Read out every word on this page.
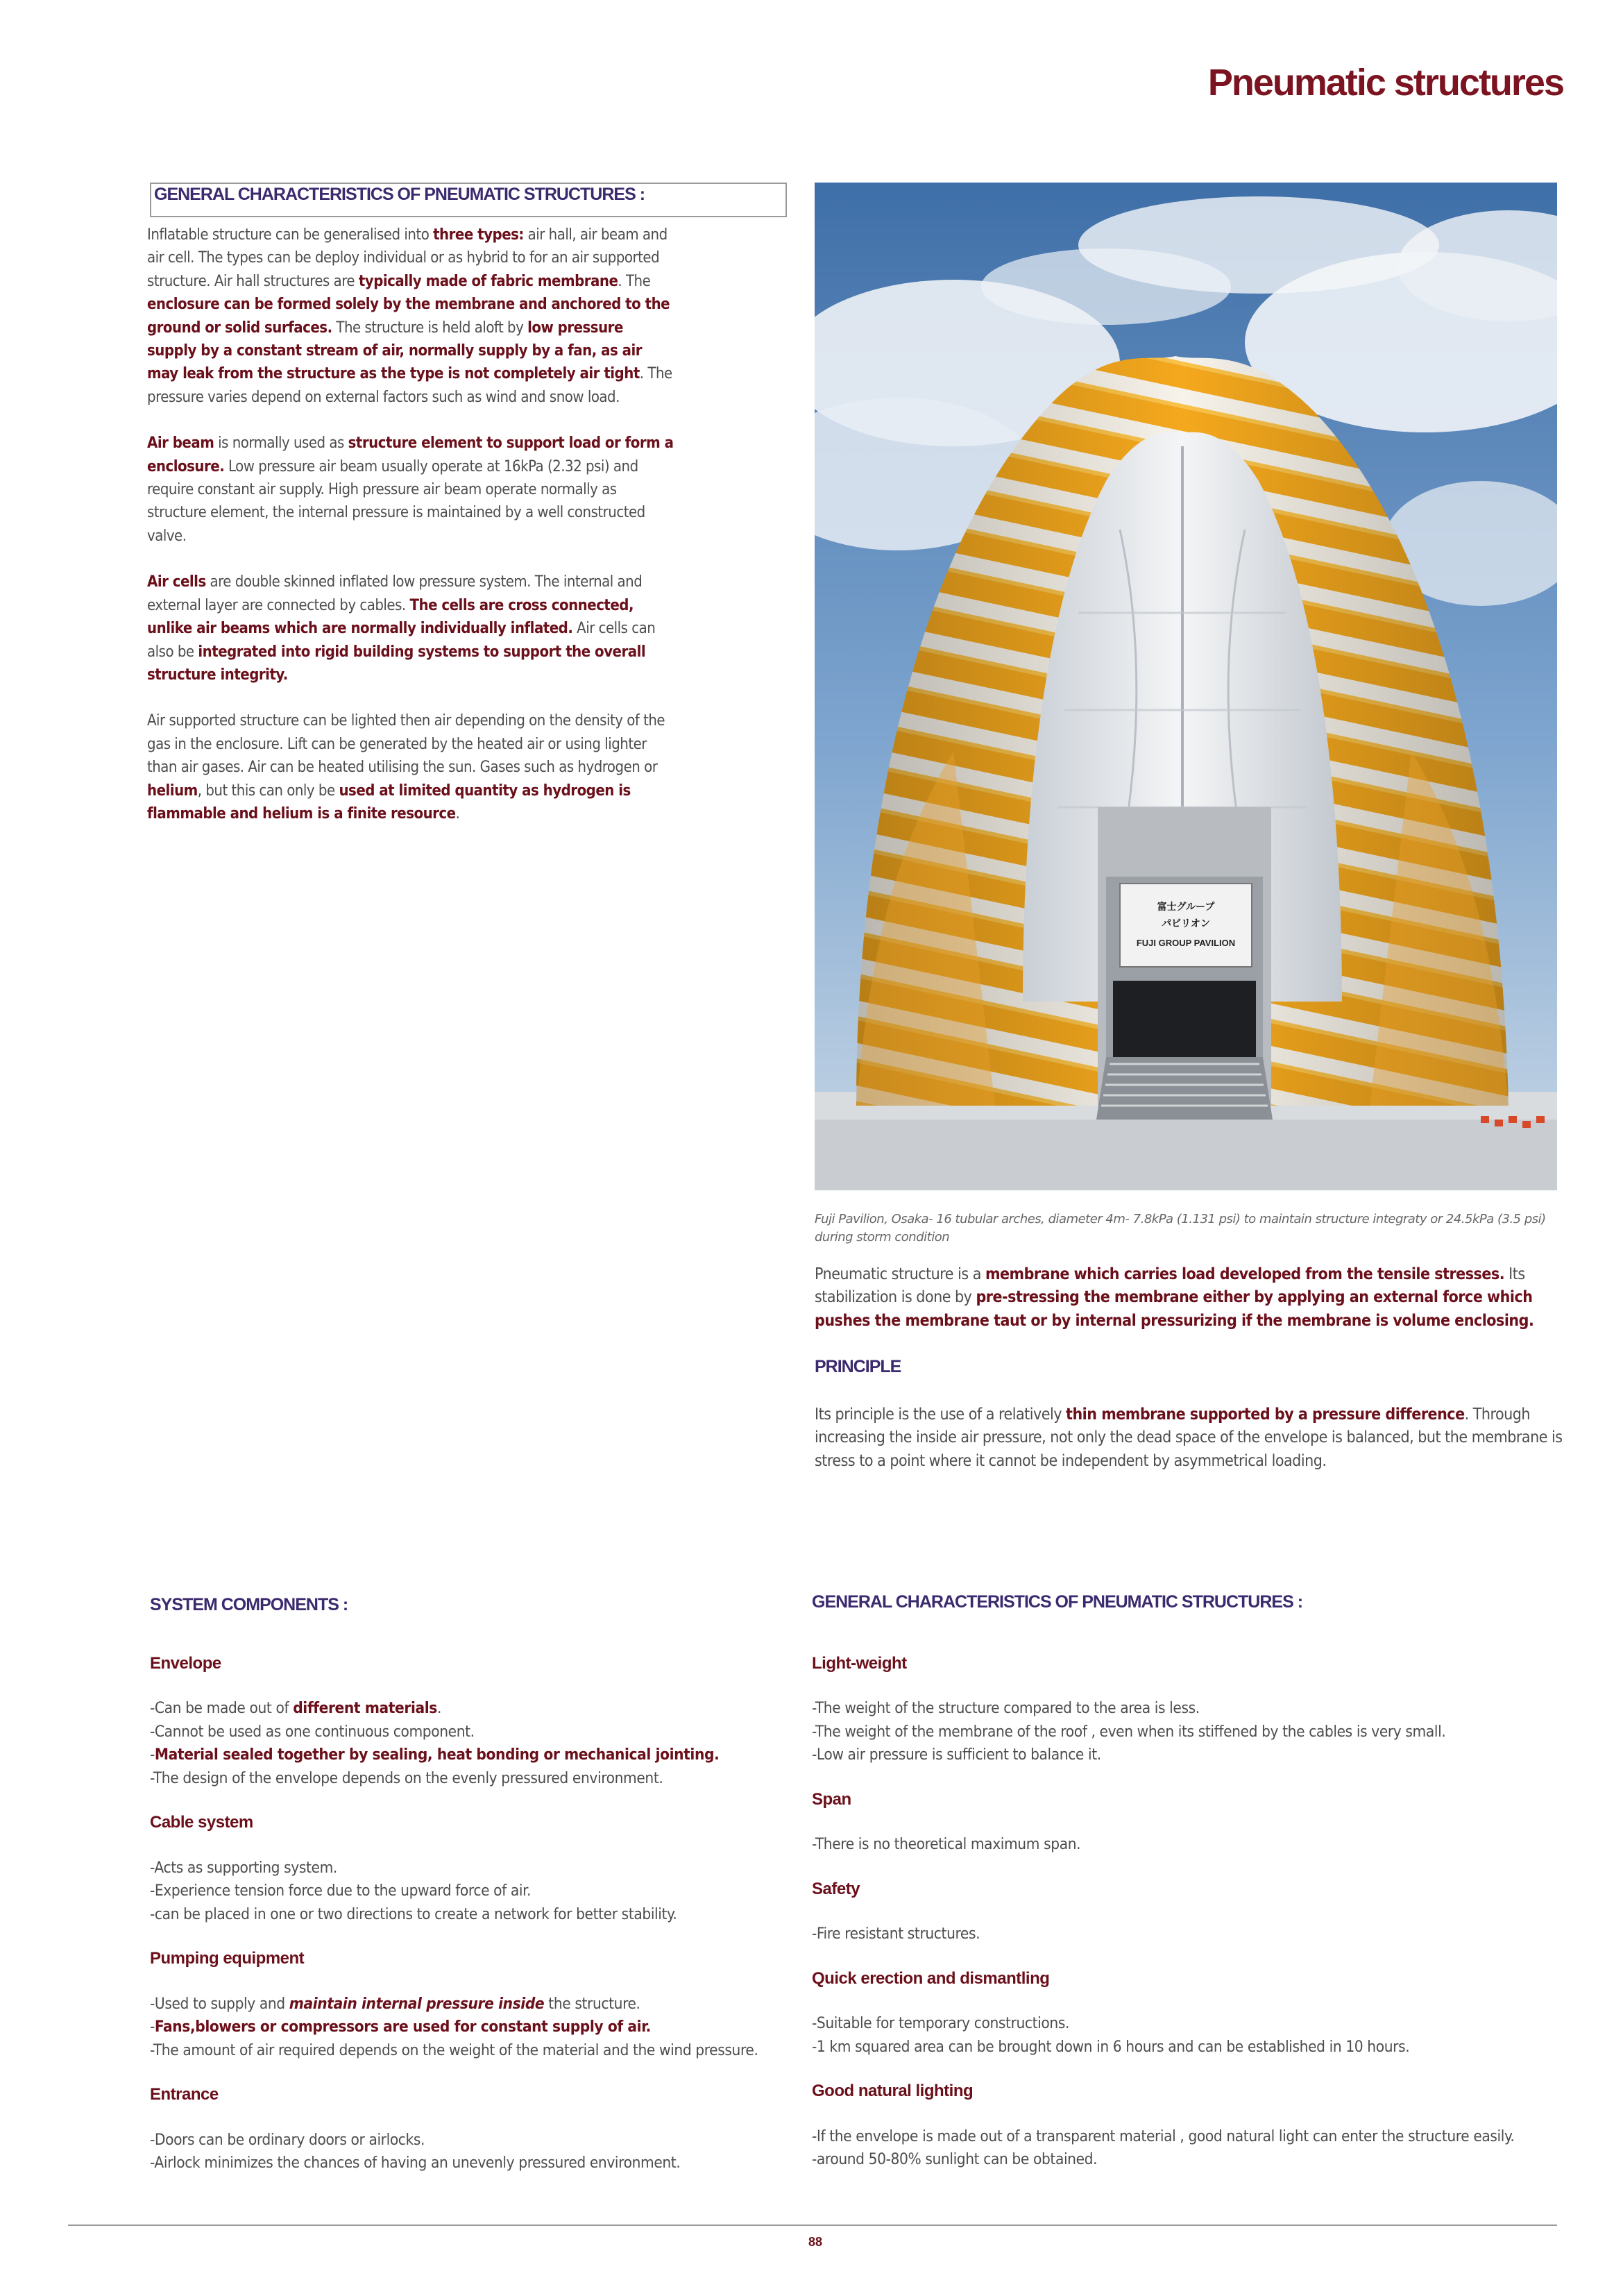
Pneumatic structures
GENERAL CHARACTERISTICS OF PNEUMATIC STRUCTURES :

Inflatable structure can be generalised into three types: air hall, air beam and air cell. The types can be deploy individual or as hybrid to for an air supported structure. Air hall structures are typically made of fabric membrane. The enclosure can be formed solely by the membrane and anchored to the ground or solid surfaces. The structure is held aloft by low pressure supply by a constant stream of air, normally supply by a fan, as air may leak from the structure as the type is not completely air tight. The pressure varies depend on external factors such as wind and snow load.

Air beam is normally used as structure element to support load or form a enclosure. Low pressure air beam usually operate at 16kPa (2.32 psi) and require constant air supply. High pressure air beam operate normally as structure element, the internal pressure is maintained by a well constructed valve.

Air cells are double skinned inflated low pressure system. The internal and external layer are connected by cables. The cells are cross connected, unlike air beams which are normally individually inflated. Air cells can also be integrated into rigid building systems to support the overall structure integrity.

Air supported structure can be lighted then air depending on the density of the gas in the enclosure. Lift can be generated by the heated air or using lighter than air gases. Air can be heated utilising the sun. Gases such as hydrogen or helium, but this can only be used at limited quantity as hydrogen is flammable and helium is a finite resource.

富士グループ
パビリオン
FUJI GROUP PAVILION
Fuji Pavilion, Osaka- 16 tubular arches, diameter 4m- 7.8kPa (1.131 psi) to maintain structure integraty or 24.5kPa (3.5 psi) during storm condition

Pneumatic structure is a membrane which carries load developed from the tensile stresses. Its stabilization is done by pre-stressing the membrane either by applying an external force which pushes the membrane taut or by internal pressurizing if the membrane is volume enclosing.

PRINCIPLE

Its principle is the use of a relatively thin membrane supported by a pressure difference. Through increasing the inside air pressure, not only the dead space of the envelope is balanced, but the membrane is stress to a point where it cannot be independent by asymmetrical loading.

SYSTEM COMPONENTS :	GENERAL CHARACTERISTICS OF PNEUMATIC STRUCTURES :
Envelope
-Can be made out of different materials.
-Cannot be used as one continuous component.
-Material sealed together by sealing, heat bonding or mechanical jointing.
-The design of the envelope depends on the evenly pressured environment.
Cable system
-Acts as supporting system.
-Experience tension force due to the upward force of air.
-can be placed in one or two directions to create a network for better stability.
Pumping equipment
-Used to supply and maintain internal pressure inside the structure.
-Fans,blowers or compressors are used for constant supply of air.
-The amount of air required depends on the weight of the material and the wind pressure.
Entrance
-Doors can be ordinary doors or airlocks.
-Airlock minimizes the chances of having an unevenly pressured environment.
Light-weight
-The weight of the structure compared to the area is less.
-The weight of the membrane of the roof , even when its stiffened by the cables is very small.
-Low air pressure is sufficient to balance it.
Span
-There is no theoretical maximum span.
Safety
-Fire resistant structures.
Quick erection and dismantling
-Suitable for temporary constructions.
-1 km squared area can be brought down in 6 hours and can be established in 10 hours.
Good natural lighting
-If the envelope is made out of a transparent material , good natural light can enter the structure easily.
-around 50-80% sunlight can be obtained.
88
